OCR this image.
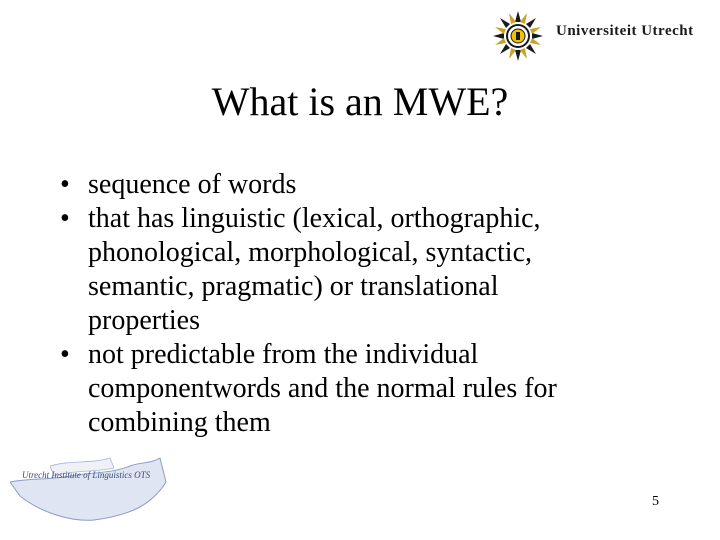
Universiteit Utrecht
What is an MWE?
Utrecht Institute of Linguistics OTS
• sequence of words
• that has linguistic (lexical, orthographic,
phonological, morphological, syntactic,
semantic, pragmatic) or translational
properties
• not predictable from the individual
componentwords and the normal rules for
combining them
5
